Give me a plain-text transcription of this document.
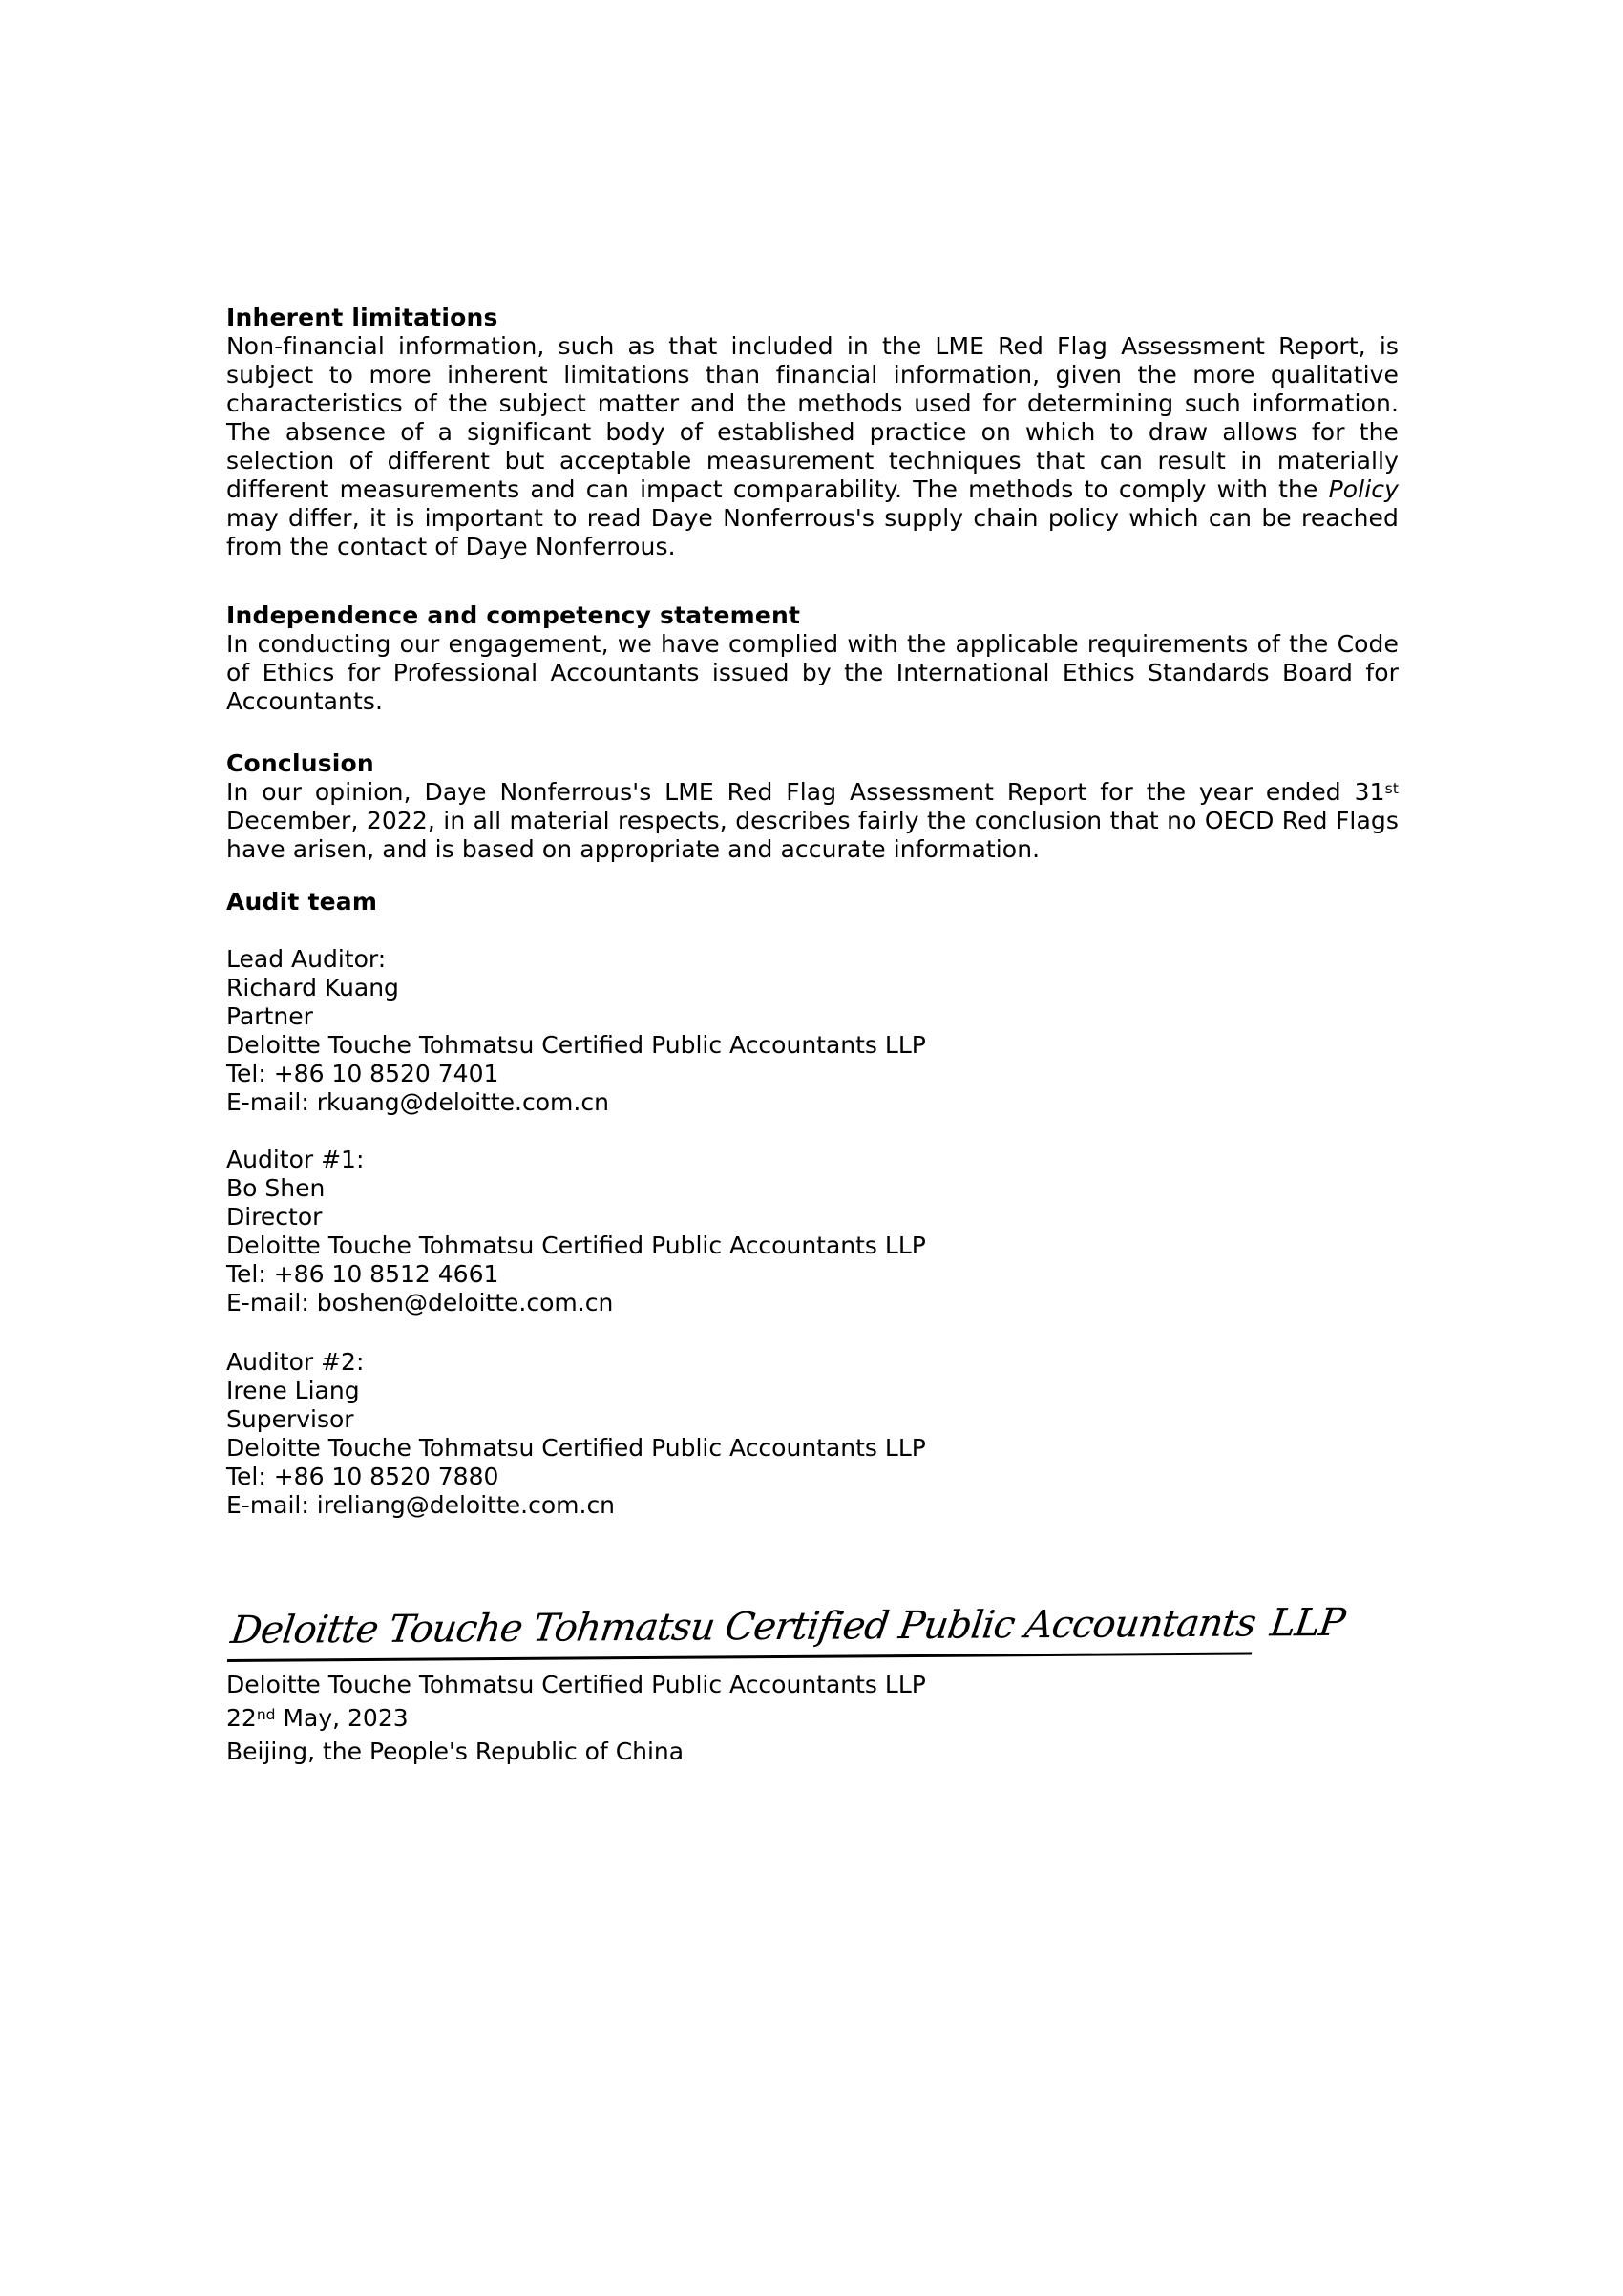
Inherent limitations

Non-financial information, such as that included in the LME Red Flag Assessment Report, is subject to more inherent limitations than financial information, given the more qualitative characteristics of the subject matter and the methods used for determining such information. The absence of a significant body of established practice on which to draw allows for the selection of different but acceptable measurement techniques that can result in materially different measurements and can impact comparability. The methods to comply with the Policy may differ, it is important to read Daye Nonferrous's supply chain policy which can be reached from the contact of Daye Nonferrous.

Independence and competency statement

In conducting our engagement, we have complied with the applicable requirements of the Code of Ethics for Professional Accountants issued by the International Ethics Standards Board for Accountants.

Conclusion

In our opinion, Daye Nonferrous's LME Red Flag Assessment Report for the year ended 31st December, 2022, in all material respects, describes fairly the conclusion that no OECD Red Flags have arisen, and is based on appropriate and accurate information.

Audit team
Lead Auditor:
Richard Kuang
Partner
Deloitte Touche Tohmatsu Certified Public Accountants LLP
Tel: +86 10 8520 7401
E-mail: rkuang@deloitte.com.cn
Auditor #1:
Bo Shen
Director
Deloitte Touche Tohmatsu Certified Public Accountants LLP
Tel: +86 10 8512 4661
E-mail: boshen@deloitte.com.cn
Auditor #2:
Irene Liang
Supervisor
Deloitte Touche Tohmatsu Certified Public Accountants LLP
Tel: +86 10 8520 7880
E-mail: ireliang@deloitte.com.cn
Deloitte Touche Tohmatsu Certified Public Accountants LLP
Deloitte Touche Tohmatsu Certified Public Accountants LLP
22nd May, 2023
Beijing, the People's Republic of China
